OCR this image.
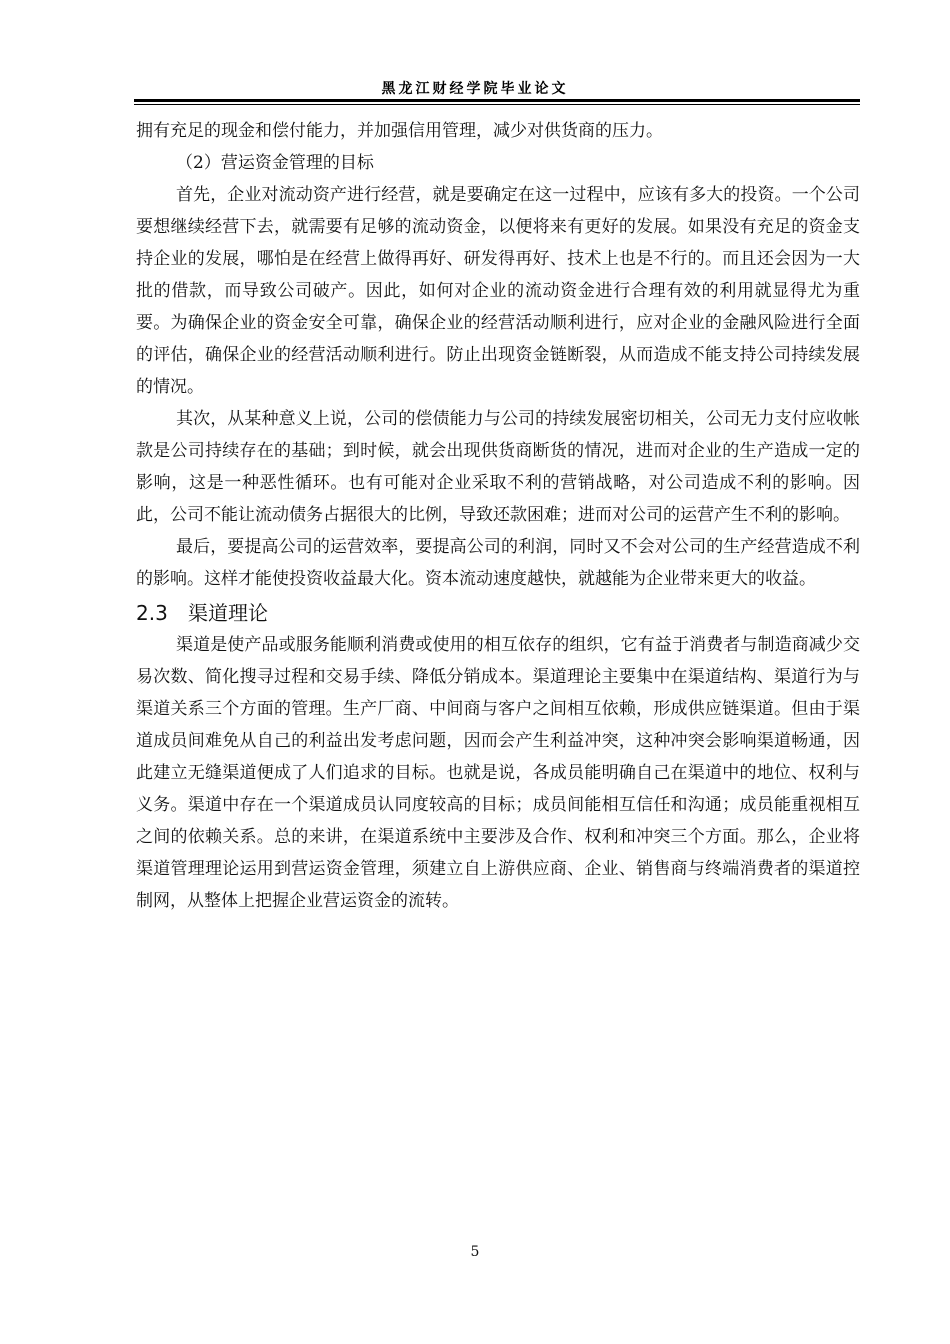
黑龙江财经学院毕业论文

拥有充足的现金和偿付能力，并加强信用管理，减少对供货商的压力。

（2）营运资金管理的目标

首先，企业对流动资产进行经营，就是要确定在这一过程中，应该有多大的投资。一个公司要想继续经营下去，就需要有足够的流动资金，以便将来有更好的发展。如果没有充足的资金支持企业的发展，哪怕是在经营上做得再好、研发得再好、技术上也是不行的。而且还会因为一大批的借款，而导致公司破产。因此，如何对企业的流动资金进行合理有效的利用就显得尤为重要。为确保企业的资金安全可靠，确保企业的经营活动顺利进行，应对企业的金融风险进行全面的评估，确保企业的经营活动顺利进行。防止出现资金链断裂，从而造成不能支持公司持续发展的情况。

其次，从某种意义上说，公司的偿债能力与公司的持续发展密切相关，公司无力支付应收帐款是公司持续存在的基础；到时候，就会出现供货商断货的情况，进而对企业的生产造成一定的影响，这是一种恶性循环。也有可能对企业采取不利的营销战略，对公司造成不利的影响。因此，公司不能让流动债务占据很大的比例，导致还款困难；进而对公司的运营产生不利的影响。

最后，要提高公司的运营效率，要提高公司的利润，同时又不会对公司的生产经营造成不利的影响。这样才能使投资收益最大化。资本流动速度越快，就越能为企业带来更大的收益。

2.3 渠道理论

渠道是使产品或服务能顺利消费或使用的相互依存的组织，它有益于消费者与制造商减少交易次数、简化搜寻过程和交易手续、降低分销成本。渠道理论主要集中在渠道结构、渠道行为与渠道关系三个方面的管理。生产厂商、中间商与客户之间相互依赖，形成供应链渠道。但由于渠道成员间难免从自己的利益出发考虑问题，因而会产生利益冲突，这种冲突会影响渠道畅通，因此建立无缝渠道便成了人们追求的目标。也就是说，各成员能明确自己在渠道中的地位、权利与义务。渠道中存在一个渠道成员认同度较高的目标；成员间能相互信任和沟通；成员能重视相互之间的依赖关系。总的来讲，在渠道系统中主要涉及合作、权利和冲突三个方面。那么，企业将渠道管理理论运用到营运资金管理，须建立自上游供应商、企业、销售商与终端消费者的渠道控制网，从整体上把握企业营运资金的流转。

5
